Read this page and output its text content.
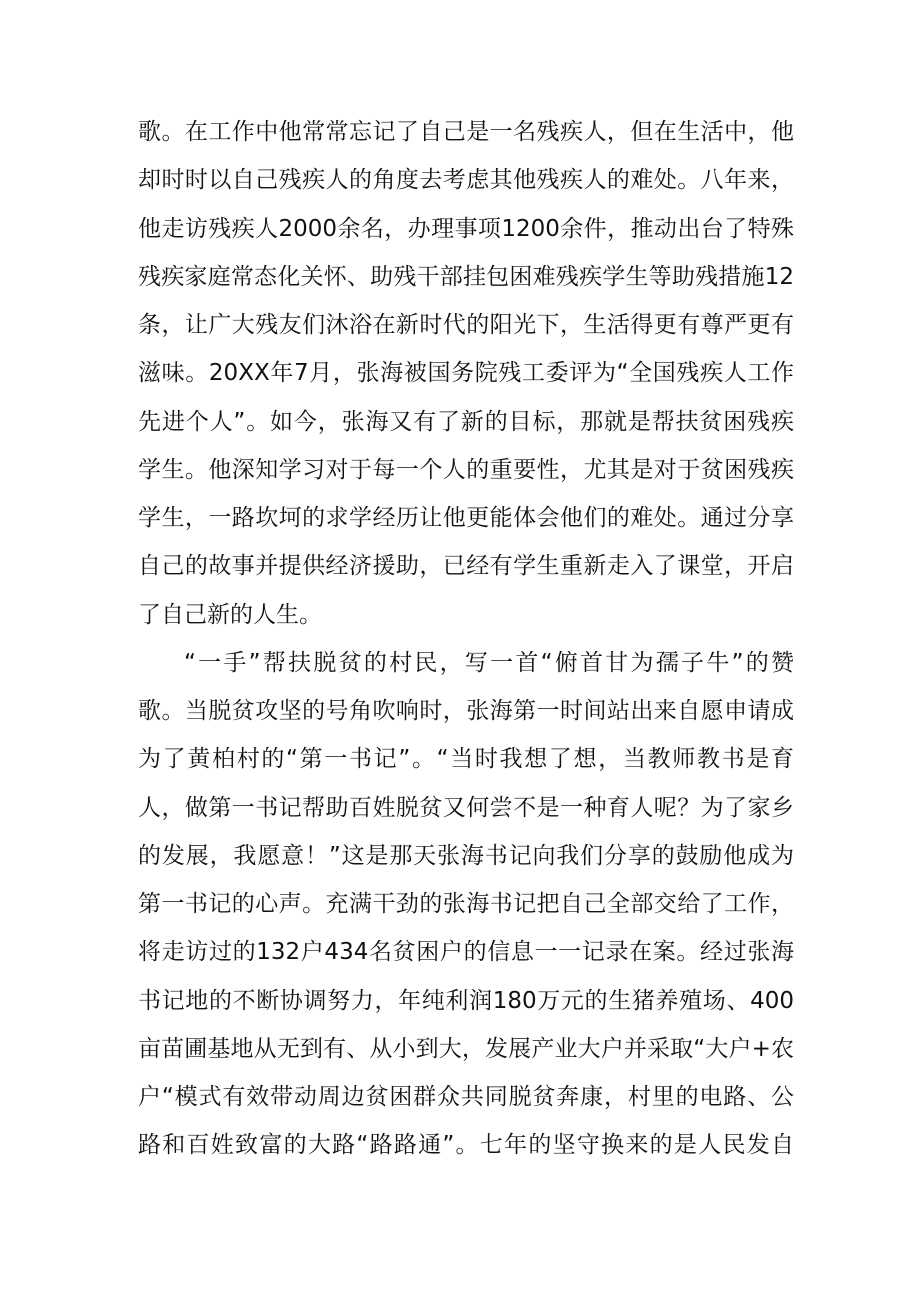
歌。在工作中他常常忘记了自己是一名残疾人，但在生活中，他
却时时以自己残疾人的角度去考虑其他残疾人的难处。八年来，
他走访残疾人2000余名，办理事项1200余件，推动出台了特殊
残疾家庭常态化关怀、助残干部挂包困难残疾学生等助残措施12
条，让广大残友们沐浴在新时代的阳光下，生活得更有尊严更有
滋味。20XX年7月，张海被国务院残工委评为“全国残疾人工作
先进个人”。如今，张海又有了新的目标，那就是帮扶贫困残疾
学生。他深知学习对于每一个人的重要性，尤其是对于贫困残疾
学生，一路坎坷的求学经历让他更能体会他们的难处。通过分享
自己的故事并提供经济援助，已经有学生重新走入了课堂，开启
了自己新的人生。
“一手”帮扶脱贫的村民，写一首“俯首甘为孺子牛”的赞
歌。当脱贫攻坚的号角吹响时，张海第一时间站出来自愿申请成
为了黄柏村的“第一书记”。“当时我想了想，当教师教书是育
人，做第一书记帮助百姓脱贫又何尝不是一种育人呢？为了家乡
的发展，我愿意！”这是那天张海书记向我们分享的鼓励他成为
第一书记的心声。充满干劲的张海书记把自己全部交给了工作，
将走访过的132户434名贫困户的信息一一记录在案。经过张海
书记地的不断协调努力，年纯利润180万元的生猪养殖场、400
亩苗圃基地从无到有、从小到大，发展产业大户并采取“大户+农
户“模式有效带动周边贫困群众共同脱贫奔康，村里的电路、公
路和百姓致富的大路“路路通”。七年的坚守换来的是人民发自
